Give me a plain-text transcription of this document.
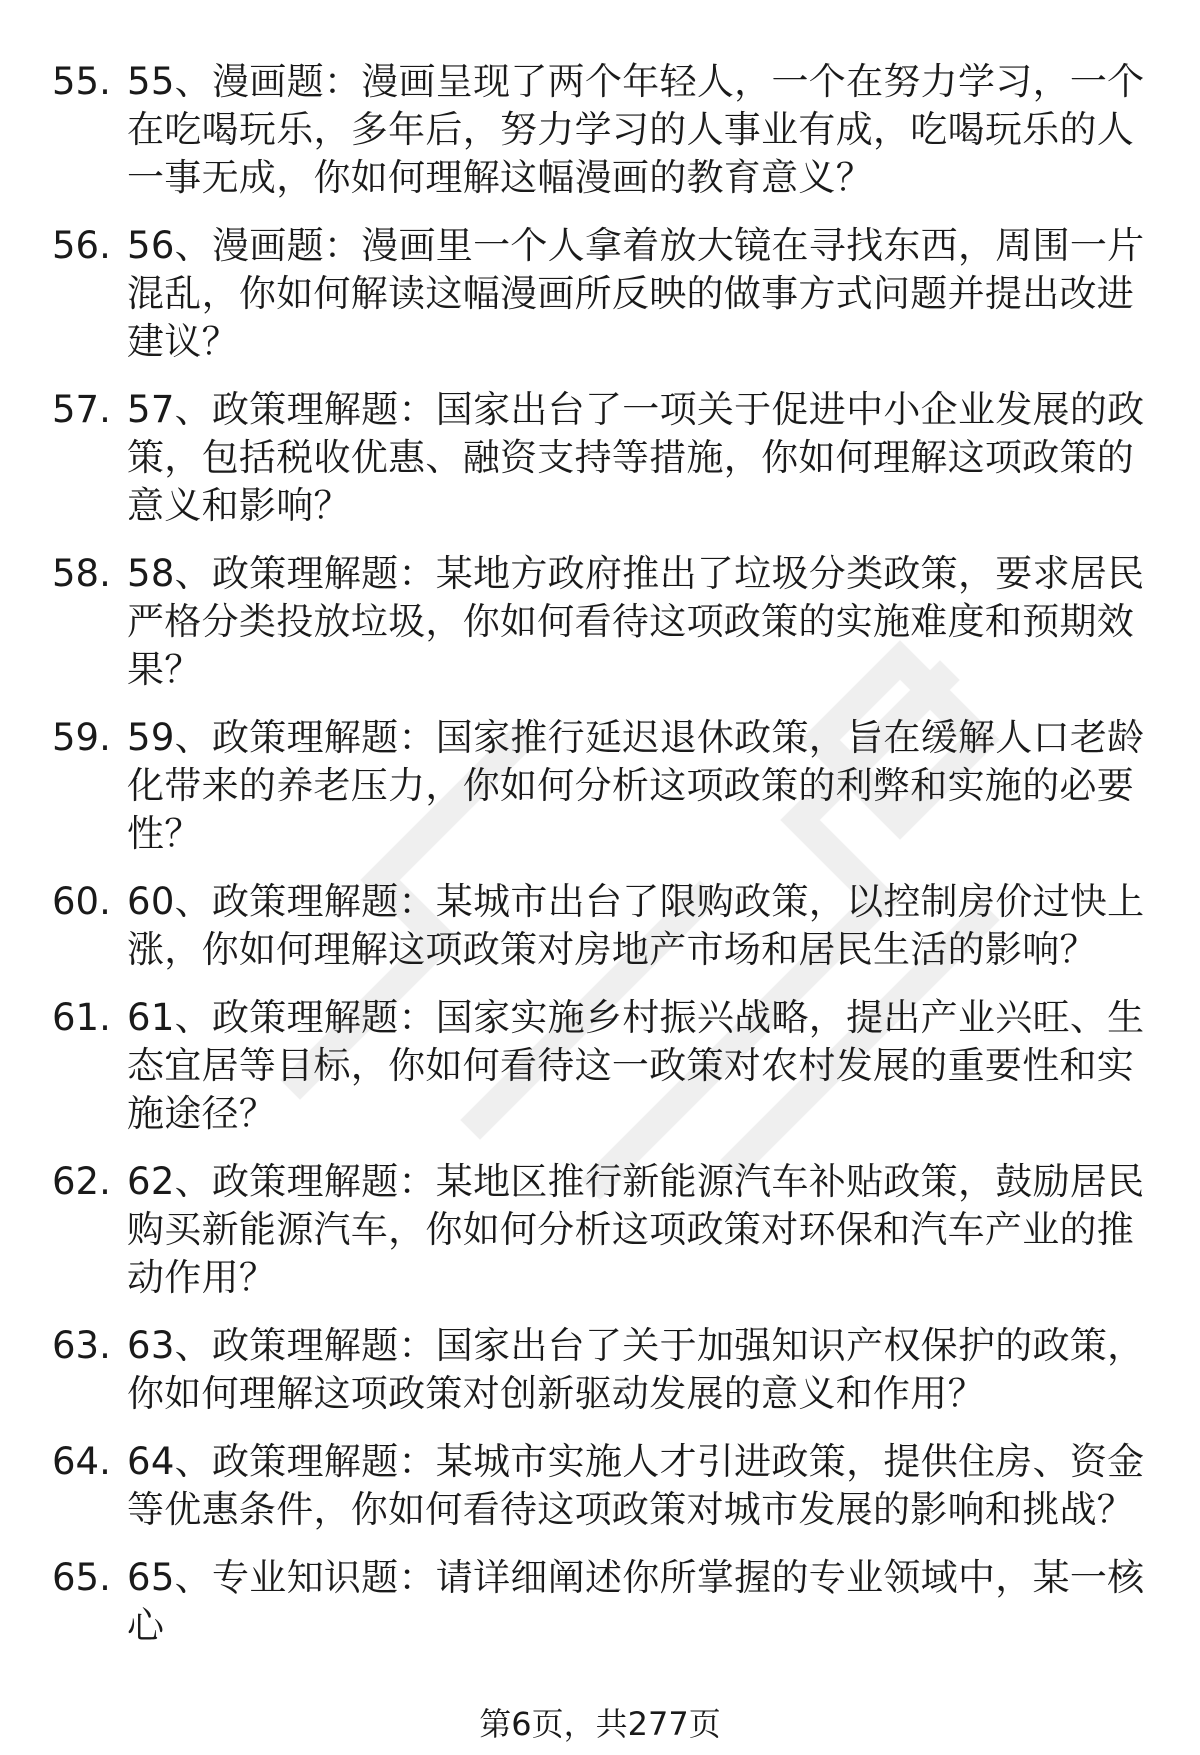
55. 55、漫画题：漫画呈现了两个年轻人，一个在努力学习，一个在吃喝玩乐，多年后，努力学习的人事业有成，吃喝玩乐的人一事无成，你如何理解这幅漫画的教育意义？
56. 56、漫画题：漫画里一个人拿着放大镜在寻找东西，周围一片混乱，你如何解读这幅漫画所反映的做事方式问题并提出改进建议？
57. 57、政策理解题：国家出台了一项关于促进中小企业发展的政策，包括税收优惠、融资支持等措施，你如何理解这项政策的意义和影响？
58. 58、政策理解题：某地方政府推出了垃圾分类政策，要求居民严格分类投放垃圾，你如何看待这项政策的实施难度和预期效果？
59. 59、政策理解题：国家推行延迟退休政策，旨在缓解人口老龄化带来的养老压力，你如何分析这项政策的利弊和实施的必要性？
60. 60、政策理解题：某城市出台了限购政策，以控制房价过快上涨，你如何理解这项政策对房地产市场和居民生活的影响？
61. 61、政策理解题：国家实施乡村振兴战略，提出产业兴旺、生态宜居等目标，你如何看待这一政策对农村发展的重要性和实施途径？
62. 62、政策理解题：某地区推行新能源汽车补贴政策，鼓励居民购买新能源汽车，你如何分析这项政策对环保和汽车产业的推动作用？
63. 63、政策理解题：国家出台了关于加强知识产权保护的政策，你如何理解这项政策对创新驱动发展的意义和作用？
64. 64、政策理解题：某城市实施人才引进政策，提供住房、资金等优惠条件，你如何看待这项政策对城市发展的影响和挑战？
65. 65、专业知识题：请详细阐述你所掌握的专业领域中，某一核心
第6页，共277页
